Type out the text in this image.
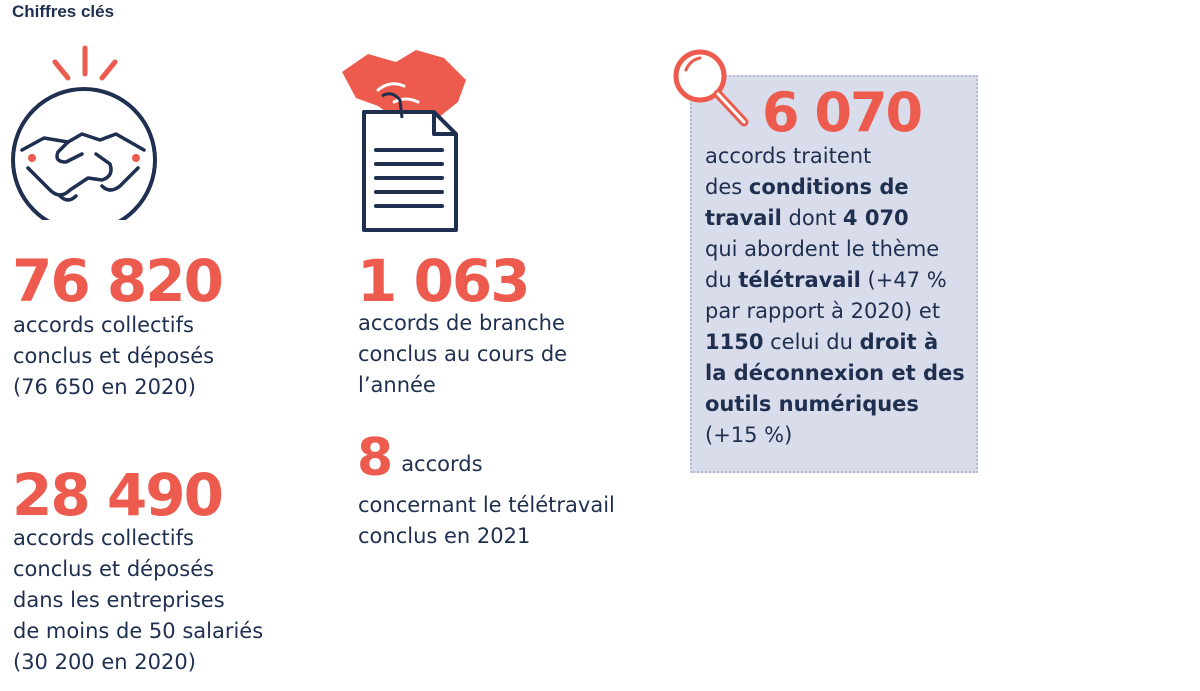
Chiffres clés
76 820
accords collectifs
conclus et déposés
(76 650 en 2020)
28 490
accords collectifs
conclus et déposés
dans les entreprises
de moins de 50 salariés
(30 200 en 2020)
1 063
accords de branche
conclus au cours de
l’année
8 accords
concernant le télétravail
conclus en 2021
6 070
accords traitent
des conditions de
travail dont 4 070
qui abordent le thème
du télétravail (+47 %
par rapport à 2020) et
1150 celui du droit à
la déconnexion et des
outils numériques
(+15 %)
